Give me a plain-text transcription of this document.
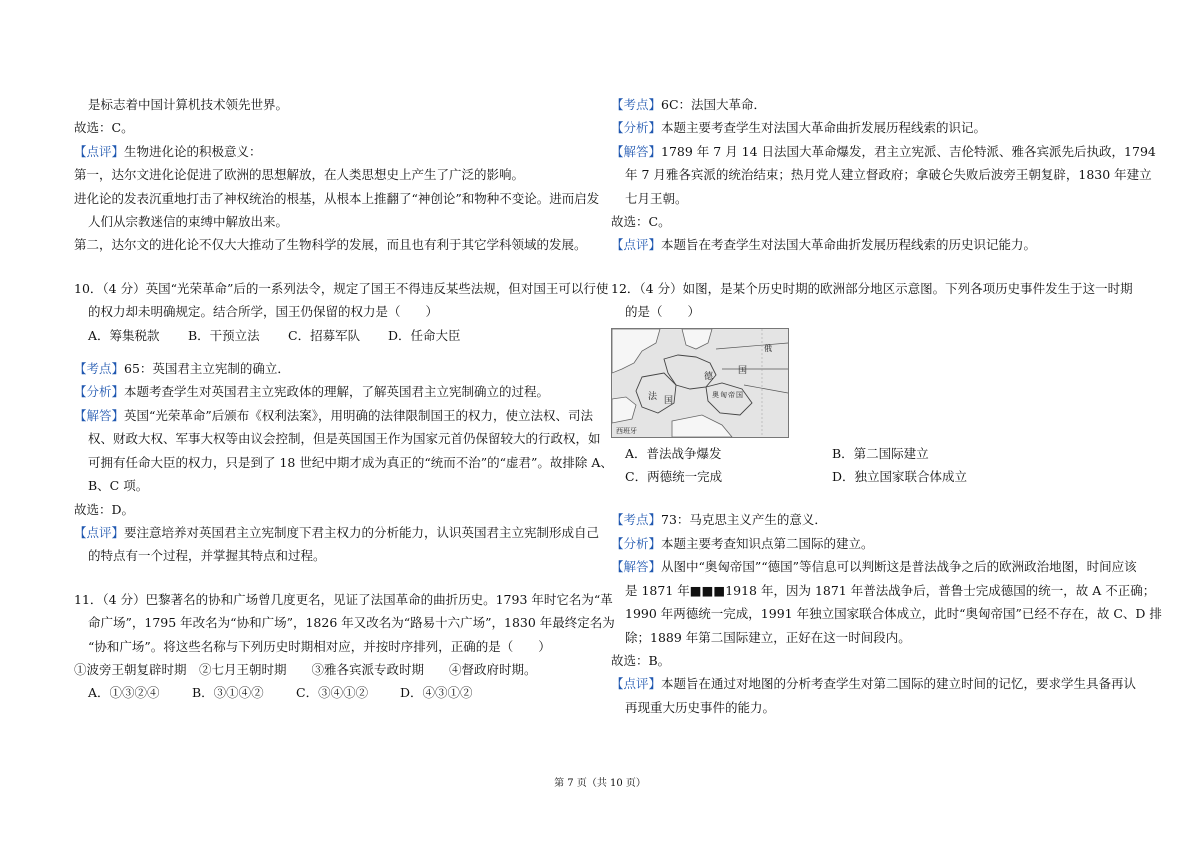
是标志着中国计算机技术领先世界。

故选：C。

【点评】生物进化论的积极意义：

第一，达尔文进化论促进了欧洲的思想解放，在人类思想史上产生了广泛的影响。

进化论的发表沉重地打击了神权统治的根基，从根本上推翻了“神创论”和物种不变论。进而启发

人们从宗教迷信的束缚中解放出来。

第二，达尔文的进化论不仅大大推动了生物科学的发展，而且也有利于其它学科领域的发展。

10．（4 分）英国“光荣革命”后的一系列法令，规定了国王不得违反某些法规，但对国王可以行使

的权力却未明确规定。结合所学，国王仍保留的权力是（　　）

A．筹集税款	B．干预立法	C．招募军队	D．任命大臣

【考点】65：英国君主立宪制的确立．

【分析】本题考查学生对英国君主立宪政体的理解，了解英国君主立宪制确立的过程。

【解答】英国“光荣革命”后颁布《权利法案》，用明确的法律限制国王的权力，使立法权、司法

权、财政大权、军事大权等由议会控制，但是英国国王作为国家元首仍保留较大的行政权，如

可拥有任命大臣的权力，只是到了 18 世纪中期才成为真正的“统而不治”的“虚君”。故排除 A、

B、C 项。

故选：D。

【点评】要注意培养对英国君主立宪制度下君主权力的分析能力，认识英国君主立宪制形成自己

的特点有一个过程，并掌握其特点和过程。

11．（4 分）巴黎著名的协和广场曾几度更名，见证了法国革命的曲折历史。1793 年时它名为“革

命广场”，1795 年改名为“协和广场”，1826 年又改名为“路易十六广场”，1830 年最终定名为

“协和广场”。将这些名称与下列历史时期相对应，并按时序排列，正确的是（　　）

①波旁王朝复辟时期　②七月王朝时期　　③雅各宾派专政时期　　④督政府时期。

A．①③②④	B．③①④②	C．③④①②	D．④③①②

【考点】6C：法国大革命．

【分析】本题主要考查学生对法国大革命曲折发展历程线索的识记。

【解答】1789 年 7 月 14 日法国大革命爆发，君主立宪派、吉伦特派、雅各宾派先后执政，1794

年 7 月雅各宾派的统治结束；热月党人建立督政府；拿破仑失败后波旁王朝复辟，1830 年建立

七月王朝。

故选：C。

【点评】本题旨在考查学生对法国大革命曲折发展历程线索的历史识记能力。

12．（4 分）如图，是某个历史时期的欧洲部分地区示意图。下列各项历史事件发生于这一时期

的是（　　）

德
国
奥 匈 帝 国
法 国
俄
西班牙
A．普法战争爆发	B．第二国际建立
C．两德统一完成	D．独立国家联合体成立

【考点】73：马克思主义产生的意义．

【分析】本题主要考查知识点第二国际的建立。

【解答】从图中“奥匈帝国”“德国”等信息可以判断这是普法战争之后的欧洲政治地图，时间应该

是 1871 年■■■1918 年，因为 1871 年普法战争后，普鲁士完成德国的统一，故 A 不正确；

1990 年两德统一完成，1991 年独立国家联合体成立，此时“奥匈帝国”已经不存在，故 C、D 排

除；1889 年第二国际建立，正好在这一时间段内。

故选：B。

【点评】本题旨在通过对地图的分析考查学生对第二国际的建立时间的记忆，要求学生具备再认

再现重大历史事件的能力。

第 7 页（共 10 页）
